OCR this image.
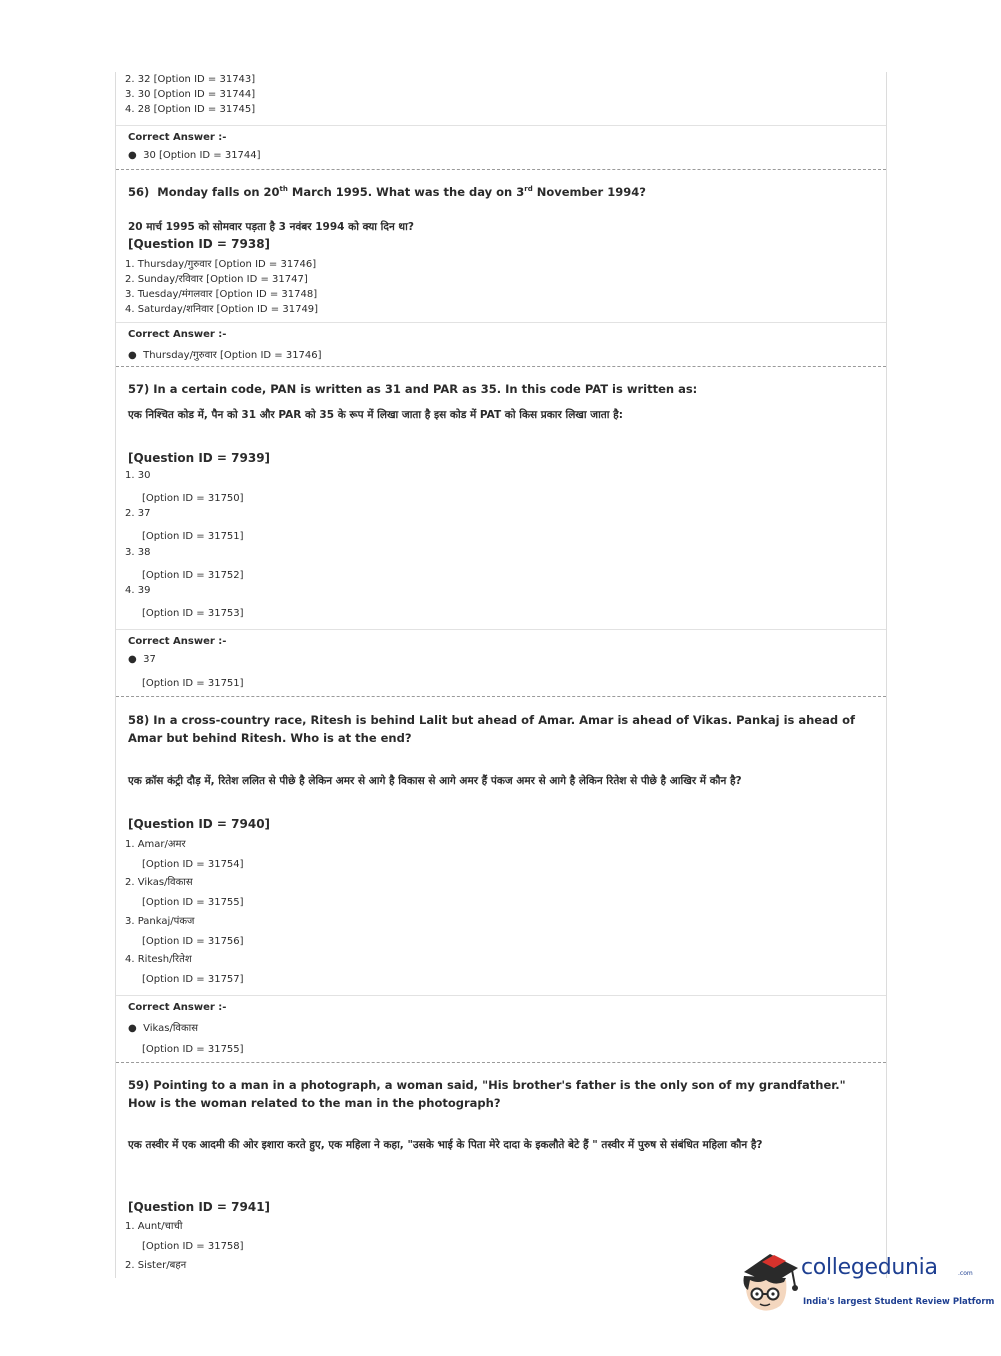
2. 32 [Option ID = 31743]
3. 30 [Option ID = 31744]
4. 28 [Option ID = 31745]
Correct Answer :-
●  30 [Option ID = 31744]
56) Monday falls on 20th March 1995. What was the day on 3rd November 1994?
20 मार्च 1995 को सोमवार पड़ता है 3 नवंबर 1994 को क्या दिन था?
[Question ID = 7938]
1. Thursday/गुरुवार [Option ID = 31746]
2. Sunday/रविवार [Option ID = 31747]
3. Tuesday/मंगलवार [Option ID = 31748]
4. Saturday/शनिवार [Option ID = 31749]
Correct Answer :-
●  Thursday/गुरुवार [Option ID = 31746]
57) In a certain code, PAN is written as 31 and PAR as 35. In this code PAT is written as:
एक निश्चित कोड में, पैन को 31 और PAR को 35 के रूप में लिखा जाता है इस कोड में PAT को किस प्रकार लिखा जाता है:
[Question ID = 7939]
1. 30
[Option ID = 31750]
2. 37
[Option ID = 31751]
3. 38
[Option ID = 31752]
4. 39
[Option ID = 31753]
Correct Answer :-
●  37
[Option ID = 31751]
58) In a cross-country race, Ritesh is behind Lalit but ahead of Amar. Amar is ahead of Vikas. Pankaj is ahead of Amar but behind Ritesh. Who is at the end?
एक क्रॉस कंट्री दौड़ में, रितेश ललित से पीछे है लेकिन अमर से आगे है विकास से आगे अमर हैं पंकज अमर से आगे है लेकिन रितेश से पीछे है आखिर में कौन है?
[Question ID = 7940]
1. Amar/अमर
[Option ID = 31754]
2. Vikas/विकास
[Option ID = 31755]
3. Pankaj/पंकज
[Option ID = 31756]
4. Ritesh/रितेश
[Option ID = 31757]
Correct Answer :-
●  Vikas/विकास
[Option ID = 31755]
59) Pointing to a man in a photograph, a woman said, "His brother's father is the only son of my grandfather." How is the woman related to the man in the photograph?
एक तस्वीर में एक आदमी की ओर इशारा करते हुए, एक महिला ने कहा, "उसके भाई के पिता मेरे दादा के इकलौते बेटे हैं " तस्वीर में पुरुष से संबंधित महिला कौन है?
[Question ID = 7941]
1. Aunt/चाची
[Option ID = 31758]
2. Sister/बहन	collegedunia	.com
India's largest Student Review Platform
